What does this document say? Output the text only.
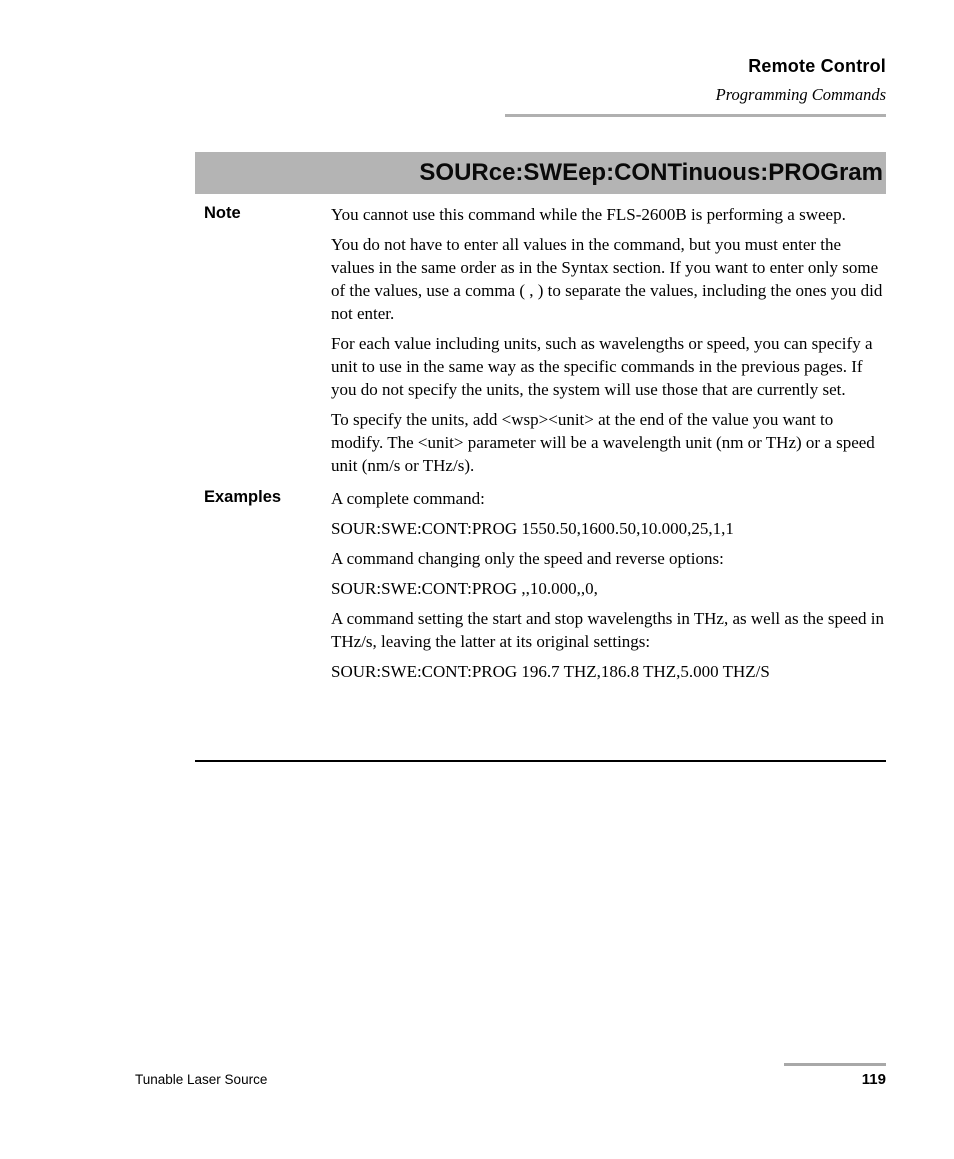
Remote Control
Programming Commands
SOURce:SWEep:CONTinuous:PROGram
Note	You cannot use this command while the FLS-2600B is performing a sweep.

You do not have to enter all values in the command, but you must enter the values in the same order as in the Syntax section. If you want to enter only some of the values, use a comma ( , ) to separate the values, including the ones you did not enter.

For each value including units, such as wavelengths or speed, you can specify a unit to use in the same way as the specific commands in the previous pages. If you do not specify the units, the system will use those that are currently set.

To specify the units, add <wsp><unit> at the end of the value you want to modify. The <unit> parameter will be a wavelength unit (nm or THz) or a speed unit (nm/s or THz/s).

Examples	A complete command:

SOUR:SWE:CONT:PROG 1550.50,1600.50,10.000,25,1,1

A command changing only the speed and reverse options:

SOUR:SWE:CONT:PROG ,,10.000,,0,

A command setting the start and stop wavelengths in THz, as well as the speed in THz/s, leaving the latter at its original settings:

SOUR:SWE:CONT:PROG 196.7 THZ,186.8 THZ,5.000 THZ/S

Tunable Laser Source	119
